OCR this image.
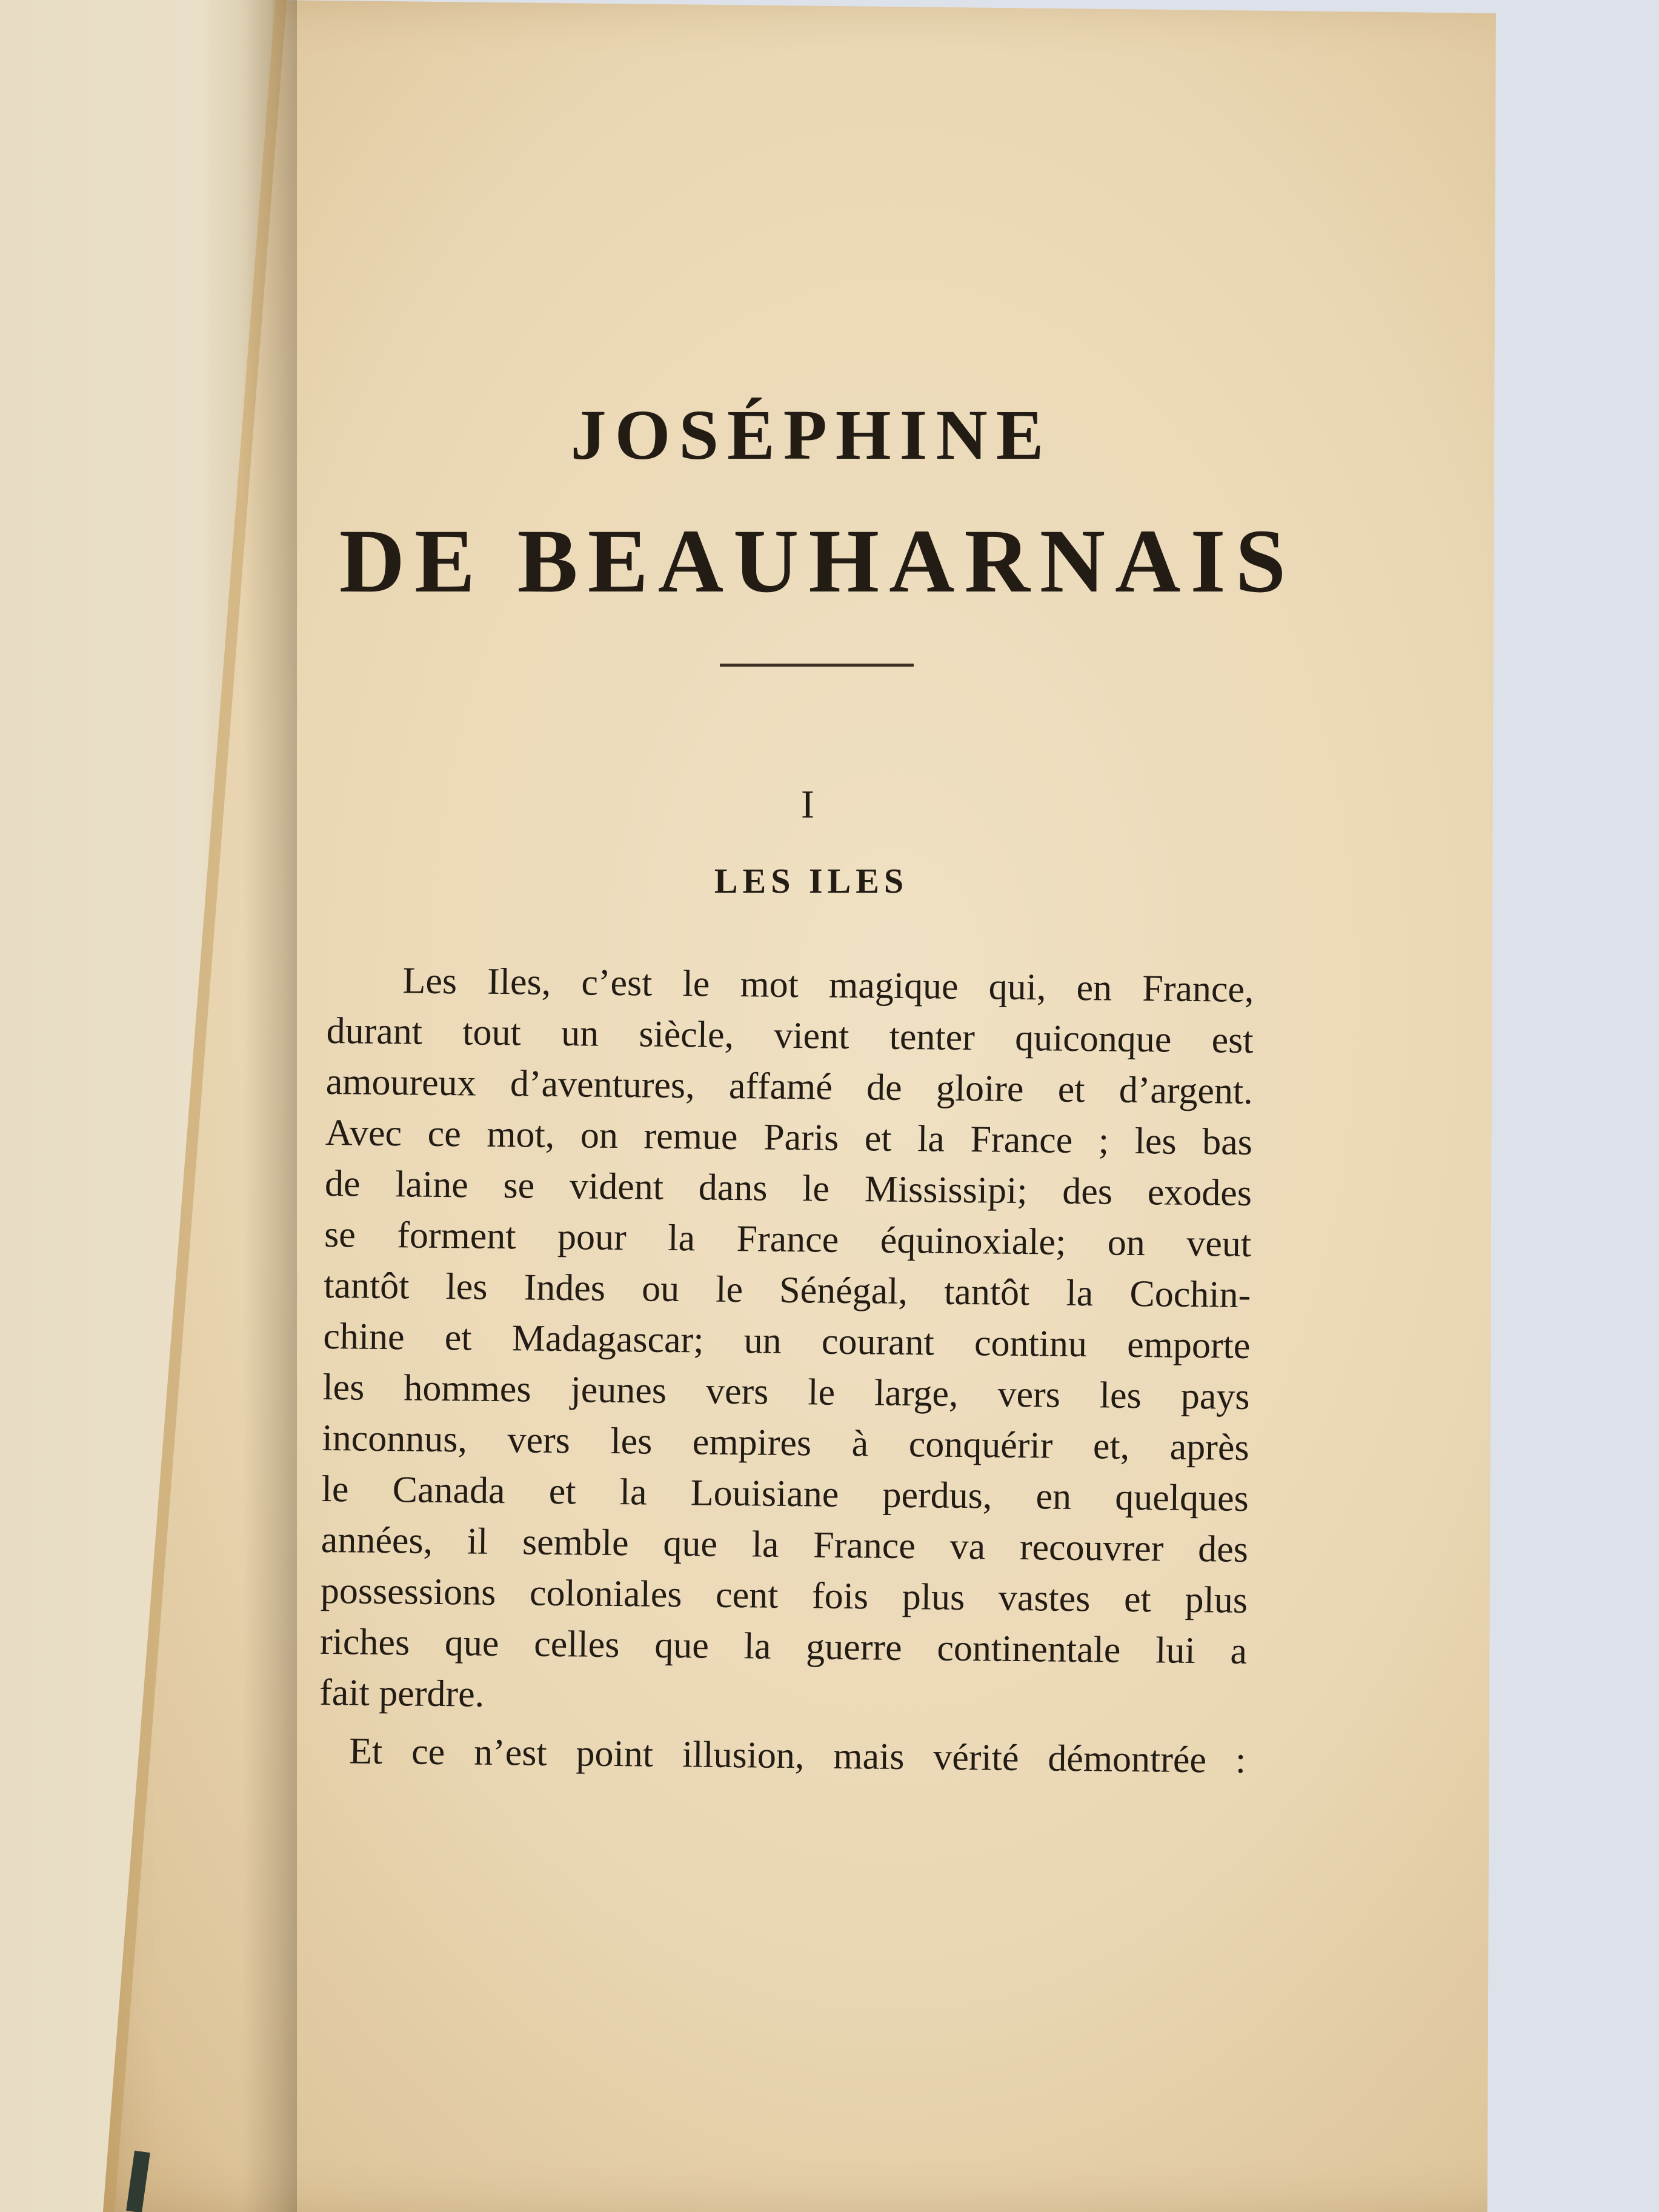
JOSÉPHINE
DE BEAUHARNAIS
I
LES ILES
Les Iles, c’est le mot magique qui, en France,
durant tout un siècle, vient tenter quiconque est
amoureux d’aventures, affamé de gloire et d’argent.
Avec ce mot, on remue Paris et la France ; les bas
de laine se vident dans le Mississipi; des exodes
se forment pour la France équinoxiale; on veut
tantôt les Indes ou le Sénégal, tantôt la Cochin-
chine et Madagascar; un courant continu emporte
les hommes jeunes vers le large, vers les pays
inconnus, vers les empires à conquérir et, après
le Canada et la Louisiane perdus, en quelques
années, il semble que la France va recouvrer des
possessions coloniales cent fois plus vastes et plus
riches que celles que la guerre continentale lui a
fait perdre.
Et ce n’est point illusion, mais vérité démontrée :
